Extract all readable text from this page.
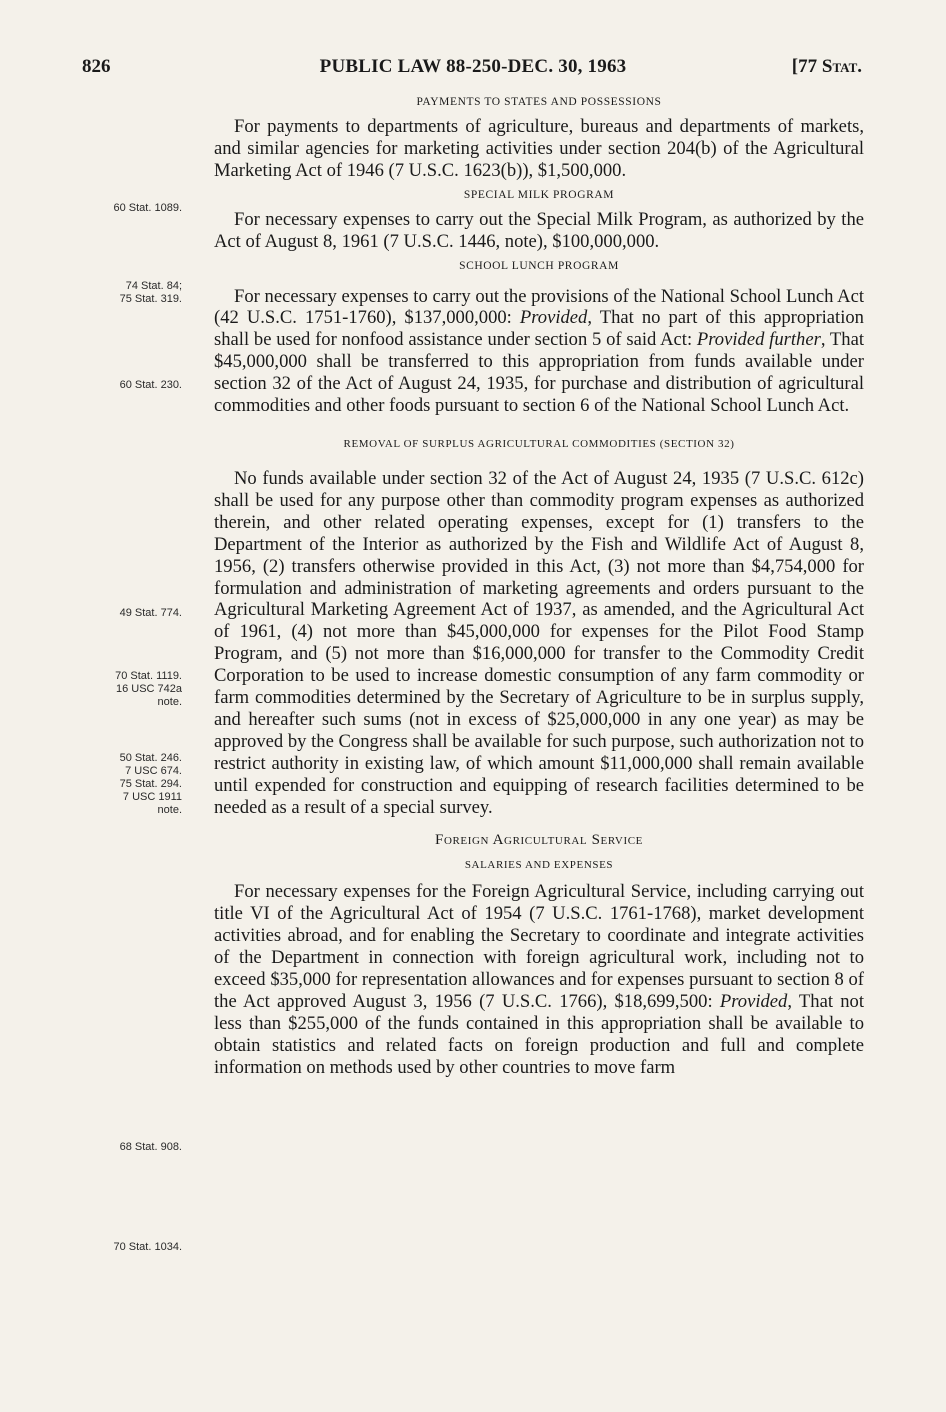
826	PUBLIC LAW 88-250-DEC. 30, 1963	[77 Stat.

PAYMENTS TO STATES AND POSSESSIONS

For payments to departments of agriculture, bureaus and departments of markets, and similar agencies for marketing activities under section 204(b) of the Agricultural Marketing Act of 1946 (7 U.S.C. 1623(b)), $1,500,000.

SPECIAL MILK PROGRAM

For necessary expenses to carry out the Special Milk Program, as authorized by the Act of August 8, 1961 (7 U.S.C. 1446, note), $100,000,000.

SCHOOL LUNCH PROGRAM

For necessary expenses to carry out the provisions of the National School Lunch Act (42 U.S.C. 1751-1760), $137,000,000: Provided, That no part of this appropriation shall be used for nonfood assistance under section 5 of said Act: Provided further, That $45,000,000 shall be transferred to this appropriation from funds available under section 32 of the Act of August 24, 1935, for purchase and distribution of agricultural commodities and other foods pursuant to section 6 of the National School Lunch Act.

REMOVAL OF SURPLUS AGRICULTURAL COMMODITIES (SECTION 32)

No funds available under section 32 of the Act of August 24, 1935 (7 U.S.C. 612c) shall be used for any purpose other than commodity program expenses as authorized therein, and other related operating expenses, except for (1) transfers to the Department of the Interior as authorized by the Fish and Wildlife Act of August 8, 1956, (2) transfers otherwise provided in this Act, (3) not more than $4,754,000 for formulation and administration of marketing agreements and orders pursuant to the Agricultural Marketing Agreement Act of 1937, as amended, and the Agricultural Act of 1961, (4) not more than $45,000,000 for expenses for the Pilot Food Stamp Program, and (5) not more than $16,000,000 for transfer to the Commodity Credit Corporation to be used to increase domestic consumption of any farm commodity or farm commodities determined by the Secretary of Agriculture to be in surplus supply, and hereafter such sums (not in excess of $25,000,000 in any one year) as may be approved by the Congress shall be available for such purpose, such authorization not to restrict authority in existing law, of which amount $11,000,000 shall remain available until expended for construction and equipping of research facilities determined to be needed as a result of a special survey.

Foreign Agricultural Service
SALARIES AND EXPENSES

For necessary expenses for the Foreign Agricultural Service, including carrying out title VI of the Agricultural Act of 1954 (7 U.S.C. 1761-1768), market development activities abroad, and for enabling the Secretary to coordinate and integrate activities of the Department in connection with foreign agricultural work, including not to exceed $35,000 for representation allowances and for expenses pursuant to section 8 of the Act approved August 3, 1956 (7 U.S.C. 1766), $18,699,500: Provided, That not less than $255,000 of the funds contained in this appropriation shall be available to obtain statistics and related facts on foreign production and full and complete information on methods used by other countries to move farm

60 Stat. 1089.
74 Stat. 84;
75 Stat. 319.
60 Stat. 230.
49 Stat. 774.
70 Stat. 1119.
16 USC 742a
note.
50 Stat. 246.
7 USC 674.
75 Stat. 294.
7 USC 1911
note.
68 Stat. 908.
70 Stat. 1034.
